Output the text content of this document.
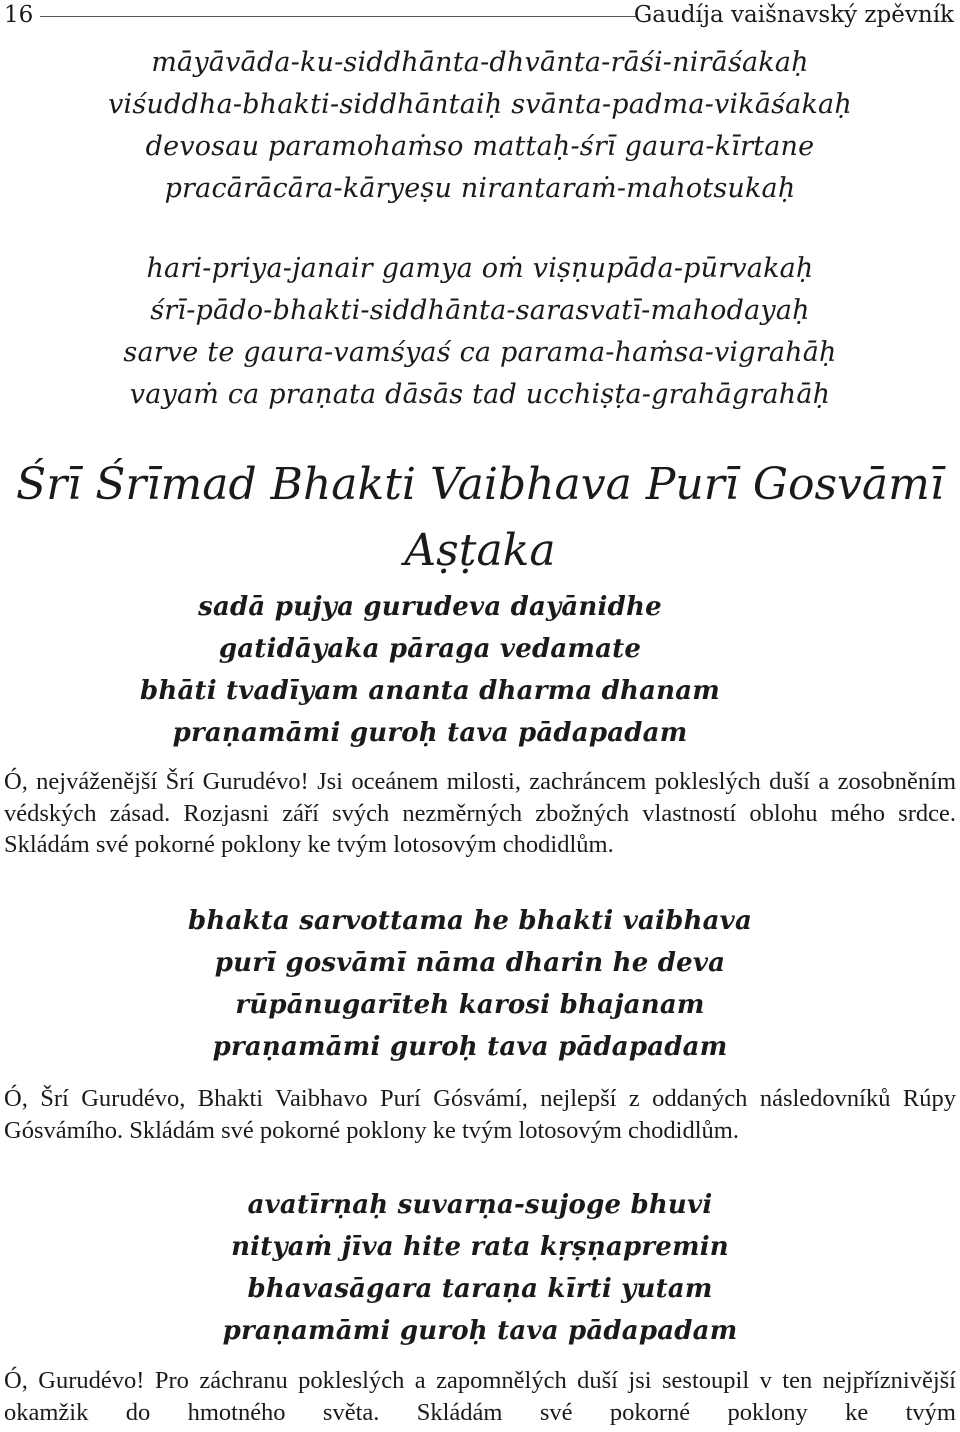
16	Gaudíja vaišnavský zpěvník
māyāvāda-ku-siddhānta-dhvānta-rāśi-nirāśakaḥ
viśuddha-bhakti-siddhāntaiḥ svānta-padma-vikāśakaḥ
devosau paramohaṁso mattaḥ-śrī gaura-kīrtane
pracārācāra-kāryeṣu nirantaraṁ-mahotsukaḥ
hari-priya-janair gamya oṁ viṣṇupāda-pūrvakaḥ
śrī-pādo-bhakti-siddhānta-sarasvatī-mahodayaḥ
sarve te gaura-vamśyaś ca parama-haṁsa-vigrahāḥ
vayaṁ ca praṇata dāsās tad ucchiṣṭa-grahāgrahāḥ
Śrī Śrīmad Bhakti Vaibhava Purī Gosvāmī
Aṣṭaka
sadā pujya gurudeva dayānidhe
gatidāyaka pāraga vedamate
bhāti tvadīyam ananta dharma dhanam
praṇamāmi guroḥ tava pādapadam

Ó, nejváženější Šrí Gurudévo! Jsi oceánem milosti, zachráncem pokleslých duší a zosobněním védských zásad. Rozjasni září svých nezměrných zbožných vlastností oblohu mého srdce. Skládám své pokorné poklony ke tvým lotosovým chodidlům.

bhakta sarvottama he bhakti vaibhava
purī gosvāmī nāma dharin he deva
rūpānugarīteh karosi bhajanam
praṇamāmi guroḥ tava pādapadam

Ó, Šrí Gurudévo, Bhakti Vaibhavo Purí Gósvámí, nejlepší z oddaných následovníků Rúpy Gósvámího. Skládám své pokorné poklony ke tvým lotosovým chodidlům.

avatīrṇaḥ suvarṇa-sujoge bhuvi
nityaṁ jīva hite rata kṛṣṇapremin
bhavasāgara taraṇa kīrti yutam
praṇamāmi guroḥ tava pādapadam

Ó, Gurudévo! Pro záchranu pokleslých a zapomnělých duší jsi sestoupil v ten nejpříznivější okamžik do hmotného světa. Skládám své pokorné poklony ke tvým
